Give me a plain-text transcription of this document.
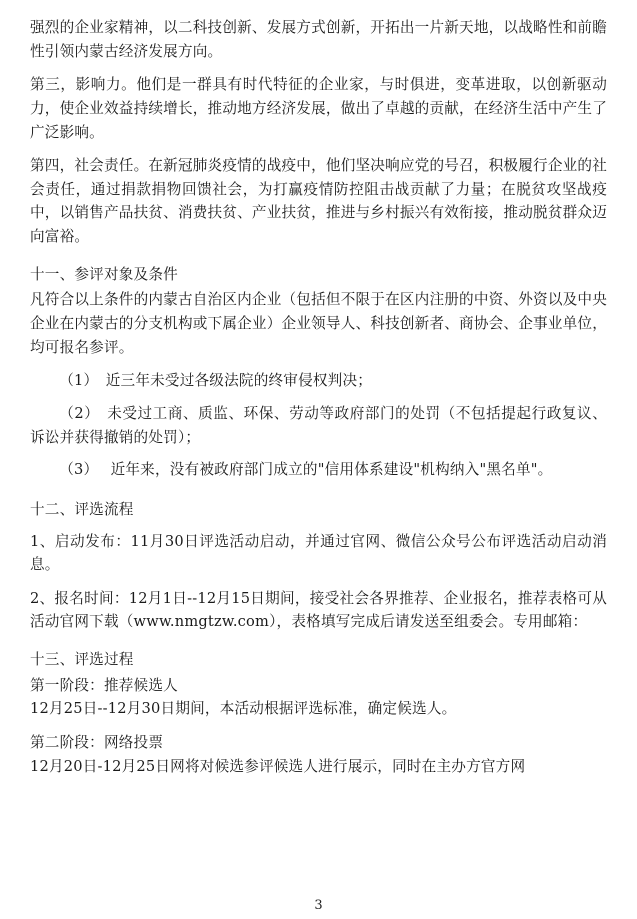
强烈的企业家精神，以二科技创新、发展方式创新，开拓出一片新天地，以战略性和前瞻性引领内蒙古经济发展方向。

第三，影响力。他们是一群具有时代特征的企业家，与时俱进，变革进取，以创新驱动力，使企业效益持续增长，推动地方经济发展，做出了卓越的贡献，在经济生活中产生了广泛影响。

第四，社会责任。在新冠肺炎疫情的战疫中，他们坚决响应党的号召，积极履行企业的社会责任，通过捐款捐物回馈社会，为打赢疫情防控阻击战贡献了力量；在脱贫攻坚战疫中，以销售产品扶贫、消费扶贫、产业扶贫，推进与乡村振兴有效衔接，推动脱贫群众迈向富裕。

十一、参评对象及条件

凡符合以上条件的内蒙古自治区内企业（包括但不限于在区内注册的中资、外资以及中央企业在内蒙古的分支机构或下属企业）企业领导人、科技创新者、商协会、企事业单位，均可报名参评。

（1）　近三年未受过各级法院的终审侵权判决；

（2）　未受过工商、质监、环保、劳动等政府部门的处罚（不包括提起行政复议、诉讼并获得撤销的处罚）；

（3）　 近年来，没有被政府部门成立的"信用体系建设"机构纳入"黑名单"。

十二、评选流程

1、启动发布：11月30日评选活动启动，并通过官网、微信公众号公布评选活动启动消息。

2、报名时间：12月1日--12月15日期间，接受社会各界推荐、企业报名，推荐表格可从活动官网下载（www.nmgtzw.com），表格填写完成后请发送至组委会。专用邮箱：

十三、评选过程

第一阶段：推荐候选人

12月25日--12月30日期间，本活动根据评选标准，确定候选人。

第二阶段：网络投票

12月20日-12月25日网将对候选参评候选人进行展示，同时在主办方官方网

3
